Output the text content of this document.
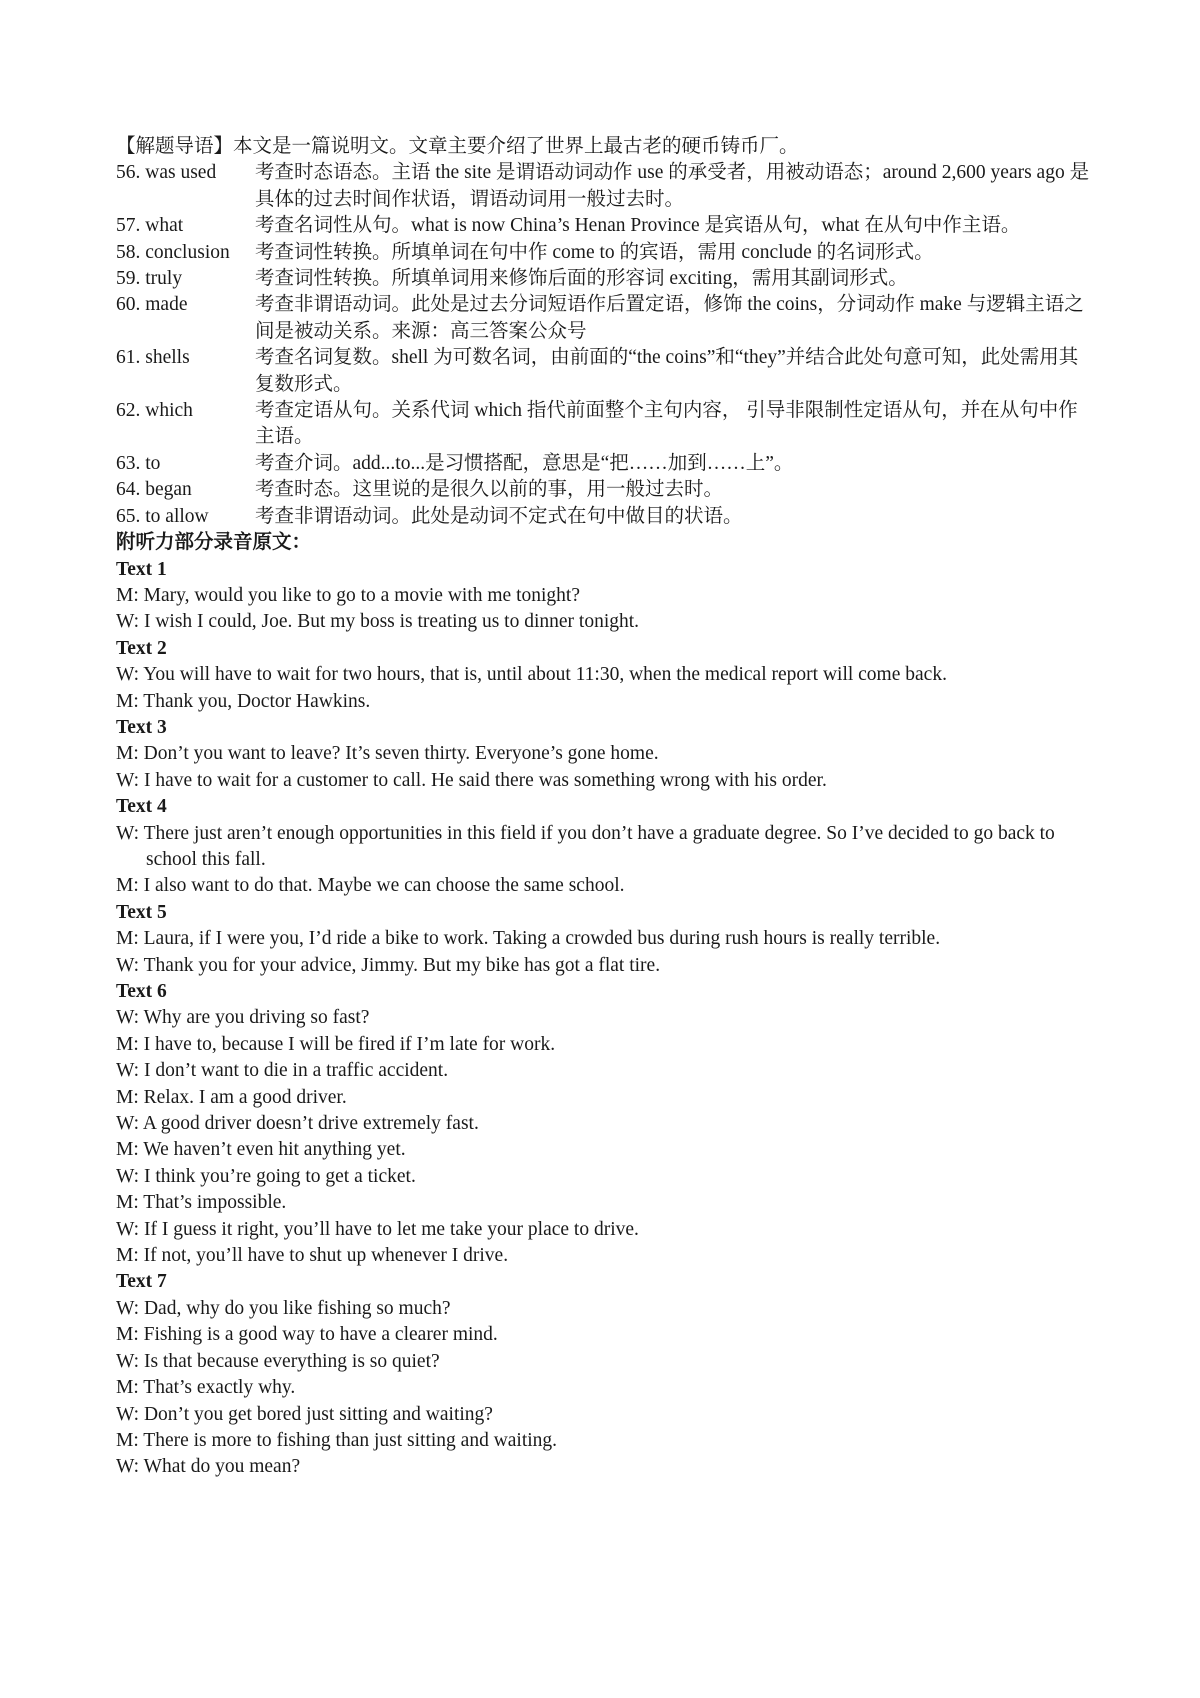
【解题导语】本文是一篇说明文。文章主要介绍了世界上最古老的硬币铸币厂。
56. was used	考查时态语态。主语 the site 是谓语动词动作 use 的承受者，用被动语态；around 2,600 years ago 是具体的过去时间作状语，谓语动词用一般过去时。
57. what	考查名词性从句。what is now China’s Henan Province 是宾语从句，what 在从句中作主语。
58. conclusion	考查词性转换。所填单词在句中作 come to 的宾语，需用 conclude 的名词形式。
59. truly	考查词性转换。所填单词用来修饰后面的形容词 exciting，需用其副词形式。
60. made	考查非谓语动词。此处是过去分词短语作后置定语，修饰 the coins，分词动作 make 与逻辑主语之间是被动关系。来源：高三答案公众号
61. shells	考查名词复数。shell 为可数名词，由前面的“the coins”和“they”并结合此处句意可知，此处需用其复数形式。
62. which	考查定语从句。关系代词 which 指代前面整个主句内容， 引导非限制性定语从句，并在从句中作主语。
63. to	考查介词。add...to...是习惯搭配，意思是“把……加到……上”。
64. began	考查时态。这里说的是很久以前的事，用一般过去时。
65. to allow	考查非谓语动词。此处是动词不定式在句中做目的状语。
附听力部分录音原文：
Text 1
M: Mary, would you like to go to a movie with me tonight?
W: I wish I could, Joe. But my boss is treating us to dinner tonight.
Text 2
W: You will have to wait for two hours, that is, until about 11:30, when the medical report will come back.
M: Thank you, Doctor Hawkins.
Text 3
M: Don’t you want to leave? It’s seven thirty. Everyone’s gone home.
W: I have to wait for a customer to call. He said there was something wrong with his order.
Text 4
W: There just aren’t enough opportunities in this field if you don’t have a graduate degree. So I’ve decided to go back to school this fall.
M: I also want to do that. Maybe we can choose the same school.
Text 5
M: Laura, if I were you, I’d ride a bike to work. Taking a crowded bus during rush hours is really terrible.
W: Thank you for your advice, Jimmy. But my bike has got a flat tire.
Text 6
W: Why are you driving so fast?
M: I have to, because I will be fired if I’m late for work.
W: I don’t want to die in a traffic accident.
M: Relax. I am a good driver.
W: A good driver doesn’t drive extremely fast.
M: We haven’t even hit anything yet.
W: I think you’re going to get a ticket.
M: That’s impossible.
W: If I guess it right, you’ll have to let me take your place to drive.
M: If not, you’ll have to shut up whenever I drive.
Text 7
W: Dad, why do you like fishing so much?
M: Fishing is a good way to have a clearer mind.
W: Is that because everything is so quiet?
M: That’s exactly why.
W: Don’t you get bored just sitting and waiting?
M: There is more to fishing than just sitting and waiting.
W: What do you mean?
